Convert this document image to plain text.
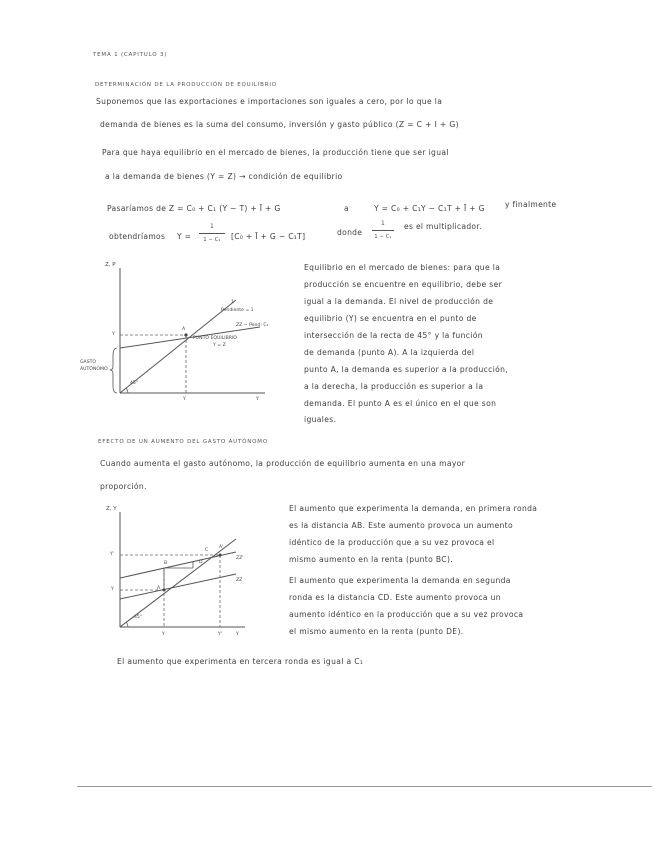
TEMA 1 (CAPITULO 3)
DETERMINACIÓN DE LA PRODUCCIÓN DE EQUILIBRIO
Suponemos que las exportaciones e importaciones son iguales a cero, por lo que la
demanda de bienes es la suma del consumo, inversión y gasto público (Z = C + I + G)
Para que haya equilibrio en el mercado de bienes, la producción tiene que ser igual
a la demanda de bienes (Y = Z) → condición de equilibrio
Pasaríamos de Z = C₀ + C₁ (Y − T) + Ī + G	a	Y = C₀ + C₁Y − C₁T + Ī + G	y finalmente
obtendríamos Y =
1
1 − C₁	[C₀ + Ī + G − C₁T]	donde
1
1 − C₁
es el multiplicador.
Z, P
Y
Y
Y
GASTO
AUTÓNOMO
45°
1
Pendiente = 1
ZZ − Pend: C₁
A
PUNTO EQUILIBRIO
Y = Z
Equilibrio en el mercado de bienes: para que la
producción se encuentre en equilibrio, debe ser
igual a la demanda. El nivel de producción de
equilibrio (Y) se encuentra en el punto de
intersección de la recta de 45° y la función
de demanda (punto A). A la izquierda del
punto A, la demanda es superior a la producción,
a la derecha, la producción es superior a la
demanda. El punto A es el único en el que son
iguales.
EFECTO DE UN AUMENTO DEL GASTO AUTÓNOMO
Cuando aumenta el gasto autónomo, la producción de equilibrio aumenta en una mayor
proporción.
Z, Y
Y
Y'
Y
Y	Y'
A
A'
B
C
D
45°
ZZ'
ZZ
El aumento que experimenta la demanda, en primera ronda
es la distancia AB. Este aumento provoca un aumento
idéntico de la producción que a su vez provoca el
mismo aumento en la renta (punto BC).
El aumento que experimenta la demanda en segunda
ronda es la distancia CD. Este aumento provoca un
aumento idéntico en la producción que a su vez provoca
el mismo aumento en la renta (punto DE).
El aumento que experimenta en tercera ronda es igual a C₁
